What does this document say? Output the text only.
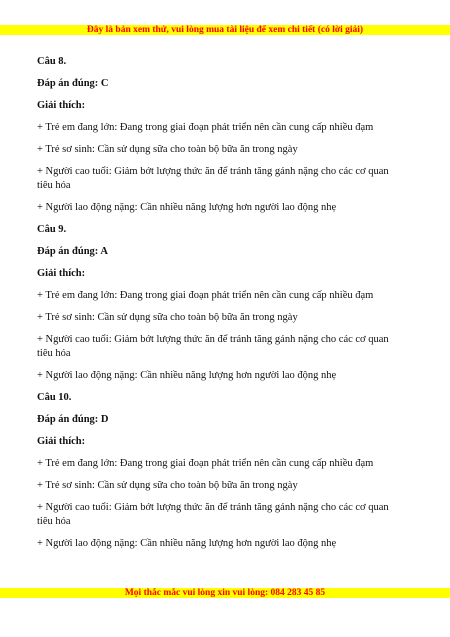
Đây là bản xem thử, vui lòng mua tài liệu để xem chi tiết (có lời giải)
Câu 8.
Đáp án đúng: C
Giải thích:
+ Trẻ em đang lớn: Đang trong giai đoạn phát triển nên cần cung cấp nhiều đạm
+ Trẻ sơ sinh: Cần sử dụng sữa cho toàn bộ bữa ăn trong ngày
+ Người cao tuổi: Giảm bớt lượng thức ăn để tránh tăng gánh nặng cho các cơ quan tiêu hóa
+ Người lao động nặng: Cần nhiều năng lượng hơn người lao động nhẹ
Câu 9.
Đáp án đúng: A
Giải thích:
+ Trẻ em đang lớn: Đang trong giai đoạn phát triển nên cần cung cấp nhiều đạm
+ Trẻ sơ sinh: Cần sử dụng sữa cho toàn bộ bữa ăn trong ngày
+ Người cao tuổi: Giảm bớt lượng thức ăn để tránh tăng gánh nặng cho các cơ quan tiêu hóa
+ Người lao động nặng: Cần nhiều năng lượng hơn người lao động nhẹ
Câu 10.
Đáp án đúng: D
Giải thích:
+ Trẻ em đang lớn: Đang trong giai đoạn phát triển nên cần cung cấp nhiều đạm
+ Trẻ sơ sinh: Cần sử dụng sữa cho toàn bộ bữa ăn trong ngày
+ Người cao tuổi: Giảm bớt lượng thức ăn để tránh tăng gánh nặng cho các cơ quan tiêu hóa
+ Người lao động nặng: Cần nhiều năng lượng hơn người lao động nhẹ
Mọi thắc mắc vui lòng xin vui lòng: 084 283 45 85
